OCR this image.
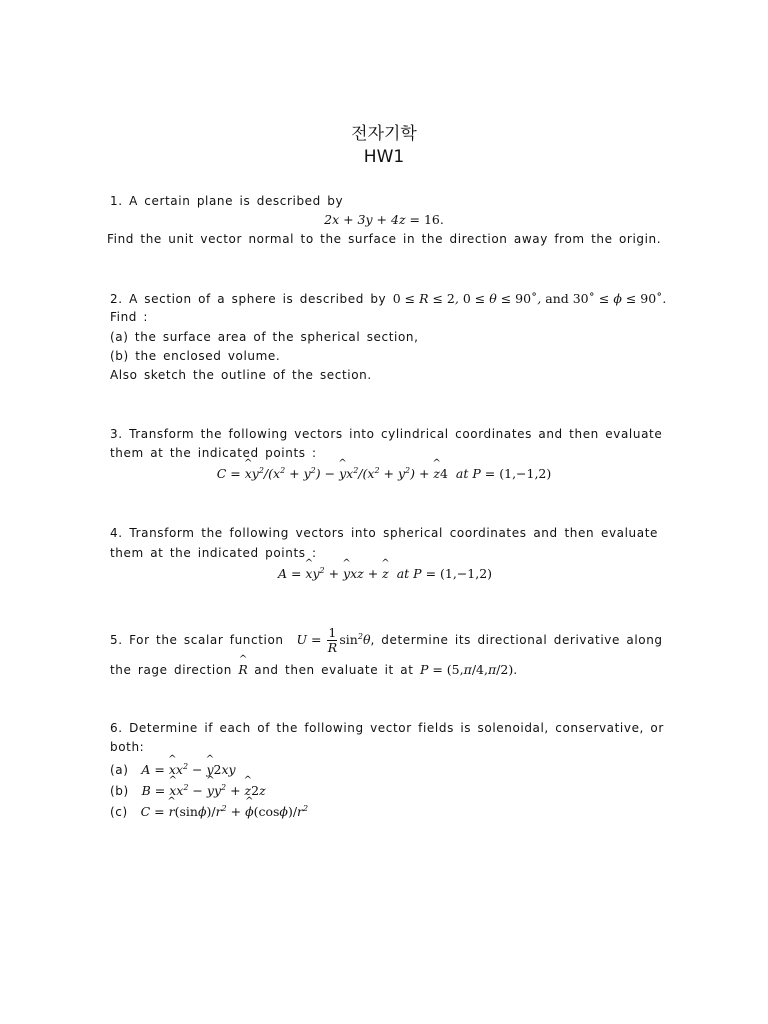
전자기학
HW1
1. A certain plane is described by
2x + 3y + 4z = 16.
Find the unit vector normal to the surface in the direction away from the origin.
2. A section of a sphere is described by 0 ≤ R ≤ 2, 0 ≤ θ ≤ 90˚, and 30˚ ≤ ϕ ≤ 90˚.
Find :
(a) the surface area of the spherical section,
(b) the enclosed volume.
Also sketch the outline of the section.
3. Transform the following vectors into cylindrical coordinates and then evaluate
them at the indicated points :
C = ^ $xy^2/(x^2 + y^2)$ − ^ $yx^2/(x^2 + y^2)$ + ^ z4 at P = (1,−1,2)
4. Transform the following vectors into spherical coordinates and then evaluate
them at the indicated points :
A = ^ $xy^2$ + ^ yxz + ^ z at P = (1,−1,2)
5. For the scalar function $U = \frac{1}{R} \sin^2\theta$, determine its directional derivative along
the rage direction ^ R and then evaluate it at P = (5,π/4,π/2).
6. Determine if each of the following vector fields is solenoidal, conservative, or
both:
(a) A = ^ $xx^2$ − ^ y2xy
(b) B = ^ $xx^2$ − ^ $yy^2$ + ^ z2z
(c) C = ^ $r(\sin\phi)/r^2$ + ^ $\phi(\cos\phi)/r^2$
